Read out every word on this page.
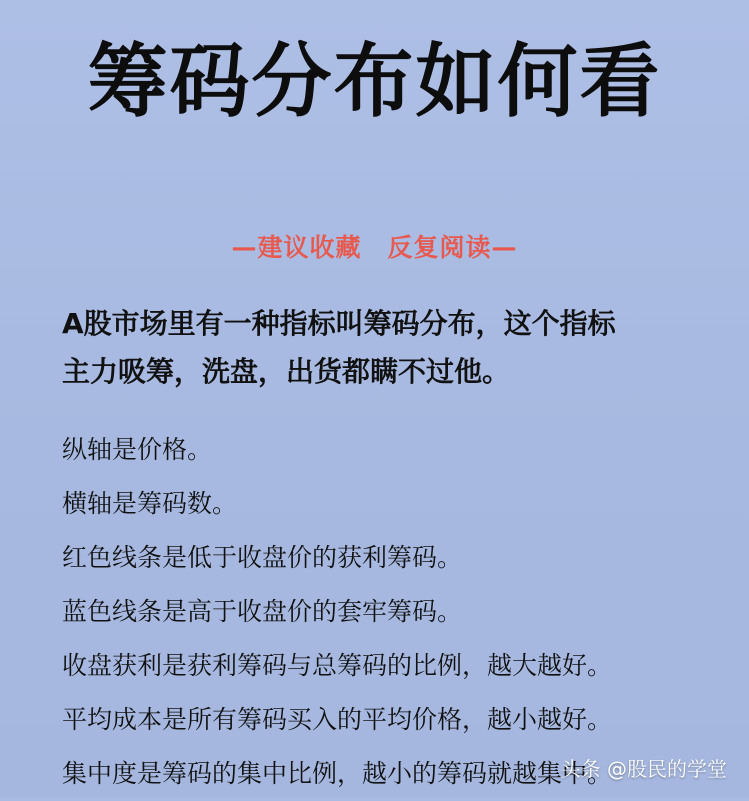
筹码分布如何看
—建议收藏　反复阅读—
A股市场里有一种指标叫筹码分布，这个指标
主力吸筹，洗盘，出货都瞒不过他。
纵轴是价格。
横轴是筹码数。
红色线条是低于收盘价的获利筹码。
蓝色线条是高于收盘价的套牢筹码。
收盘获利是获利筹码与总筹码的比例，越大越好。
平均成本是所有筹码买入的平均价格，越小越好。
集中度是筹码的集中比例，越小的筹码就越集中。
头条 @股民的学堂
